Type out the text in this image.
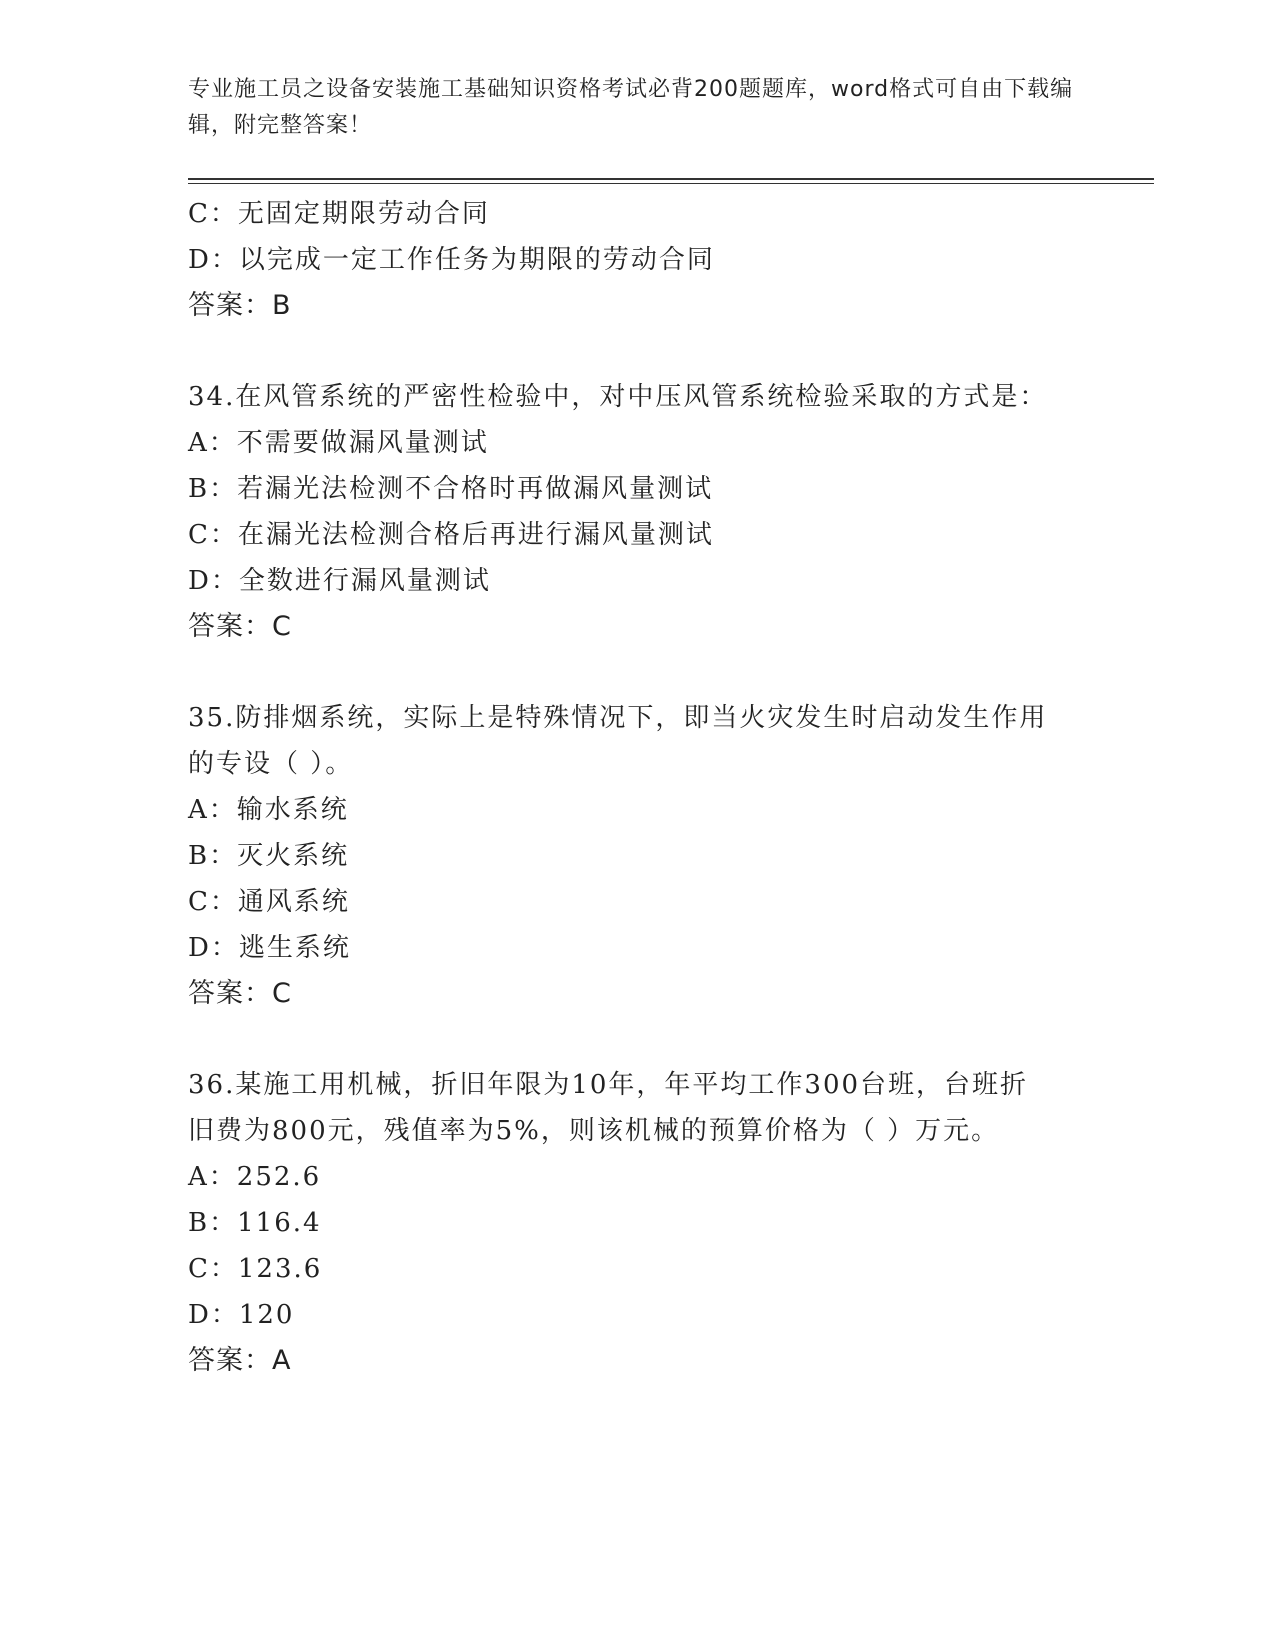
专业施工员之设备安装施工基础知识资格考试必背200题题库，word格式可自由下载编辑，附完整答案！
C：无固定期限劳动合同
D：以完成一定工作任务为期限的劳动合同
答案：B
34.在风管系统的严密性检验中，对中压风管系统检验采取的方式是：
A：不需要做漏风量测试
B：若漏光法检测不合格时再做漏风量测试
C：在漏光法检测合格后再进行漏风量测试
D：全数进行漏风量测试
答案：C
35.防排烟系统，实际上是特殊情况下，即当火灾发生时启动发生作用
的专设（ ）。
A：输水系统
B：灭火系统
C：通风系统
D：逃生系统
答案：C
36.某施工用机械，折旧年限为10年，年平均工作300台班，台班折
旧费为800元，残值率为5%，则该机械的预算价格为（ ）万元。
A：252.6
B：116.4
C：123.6
D：120
答案：A
